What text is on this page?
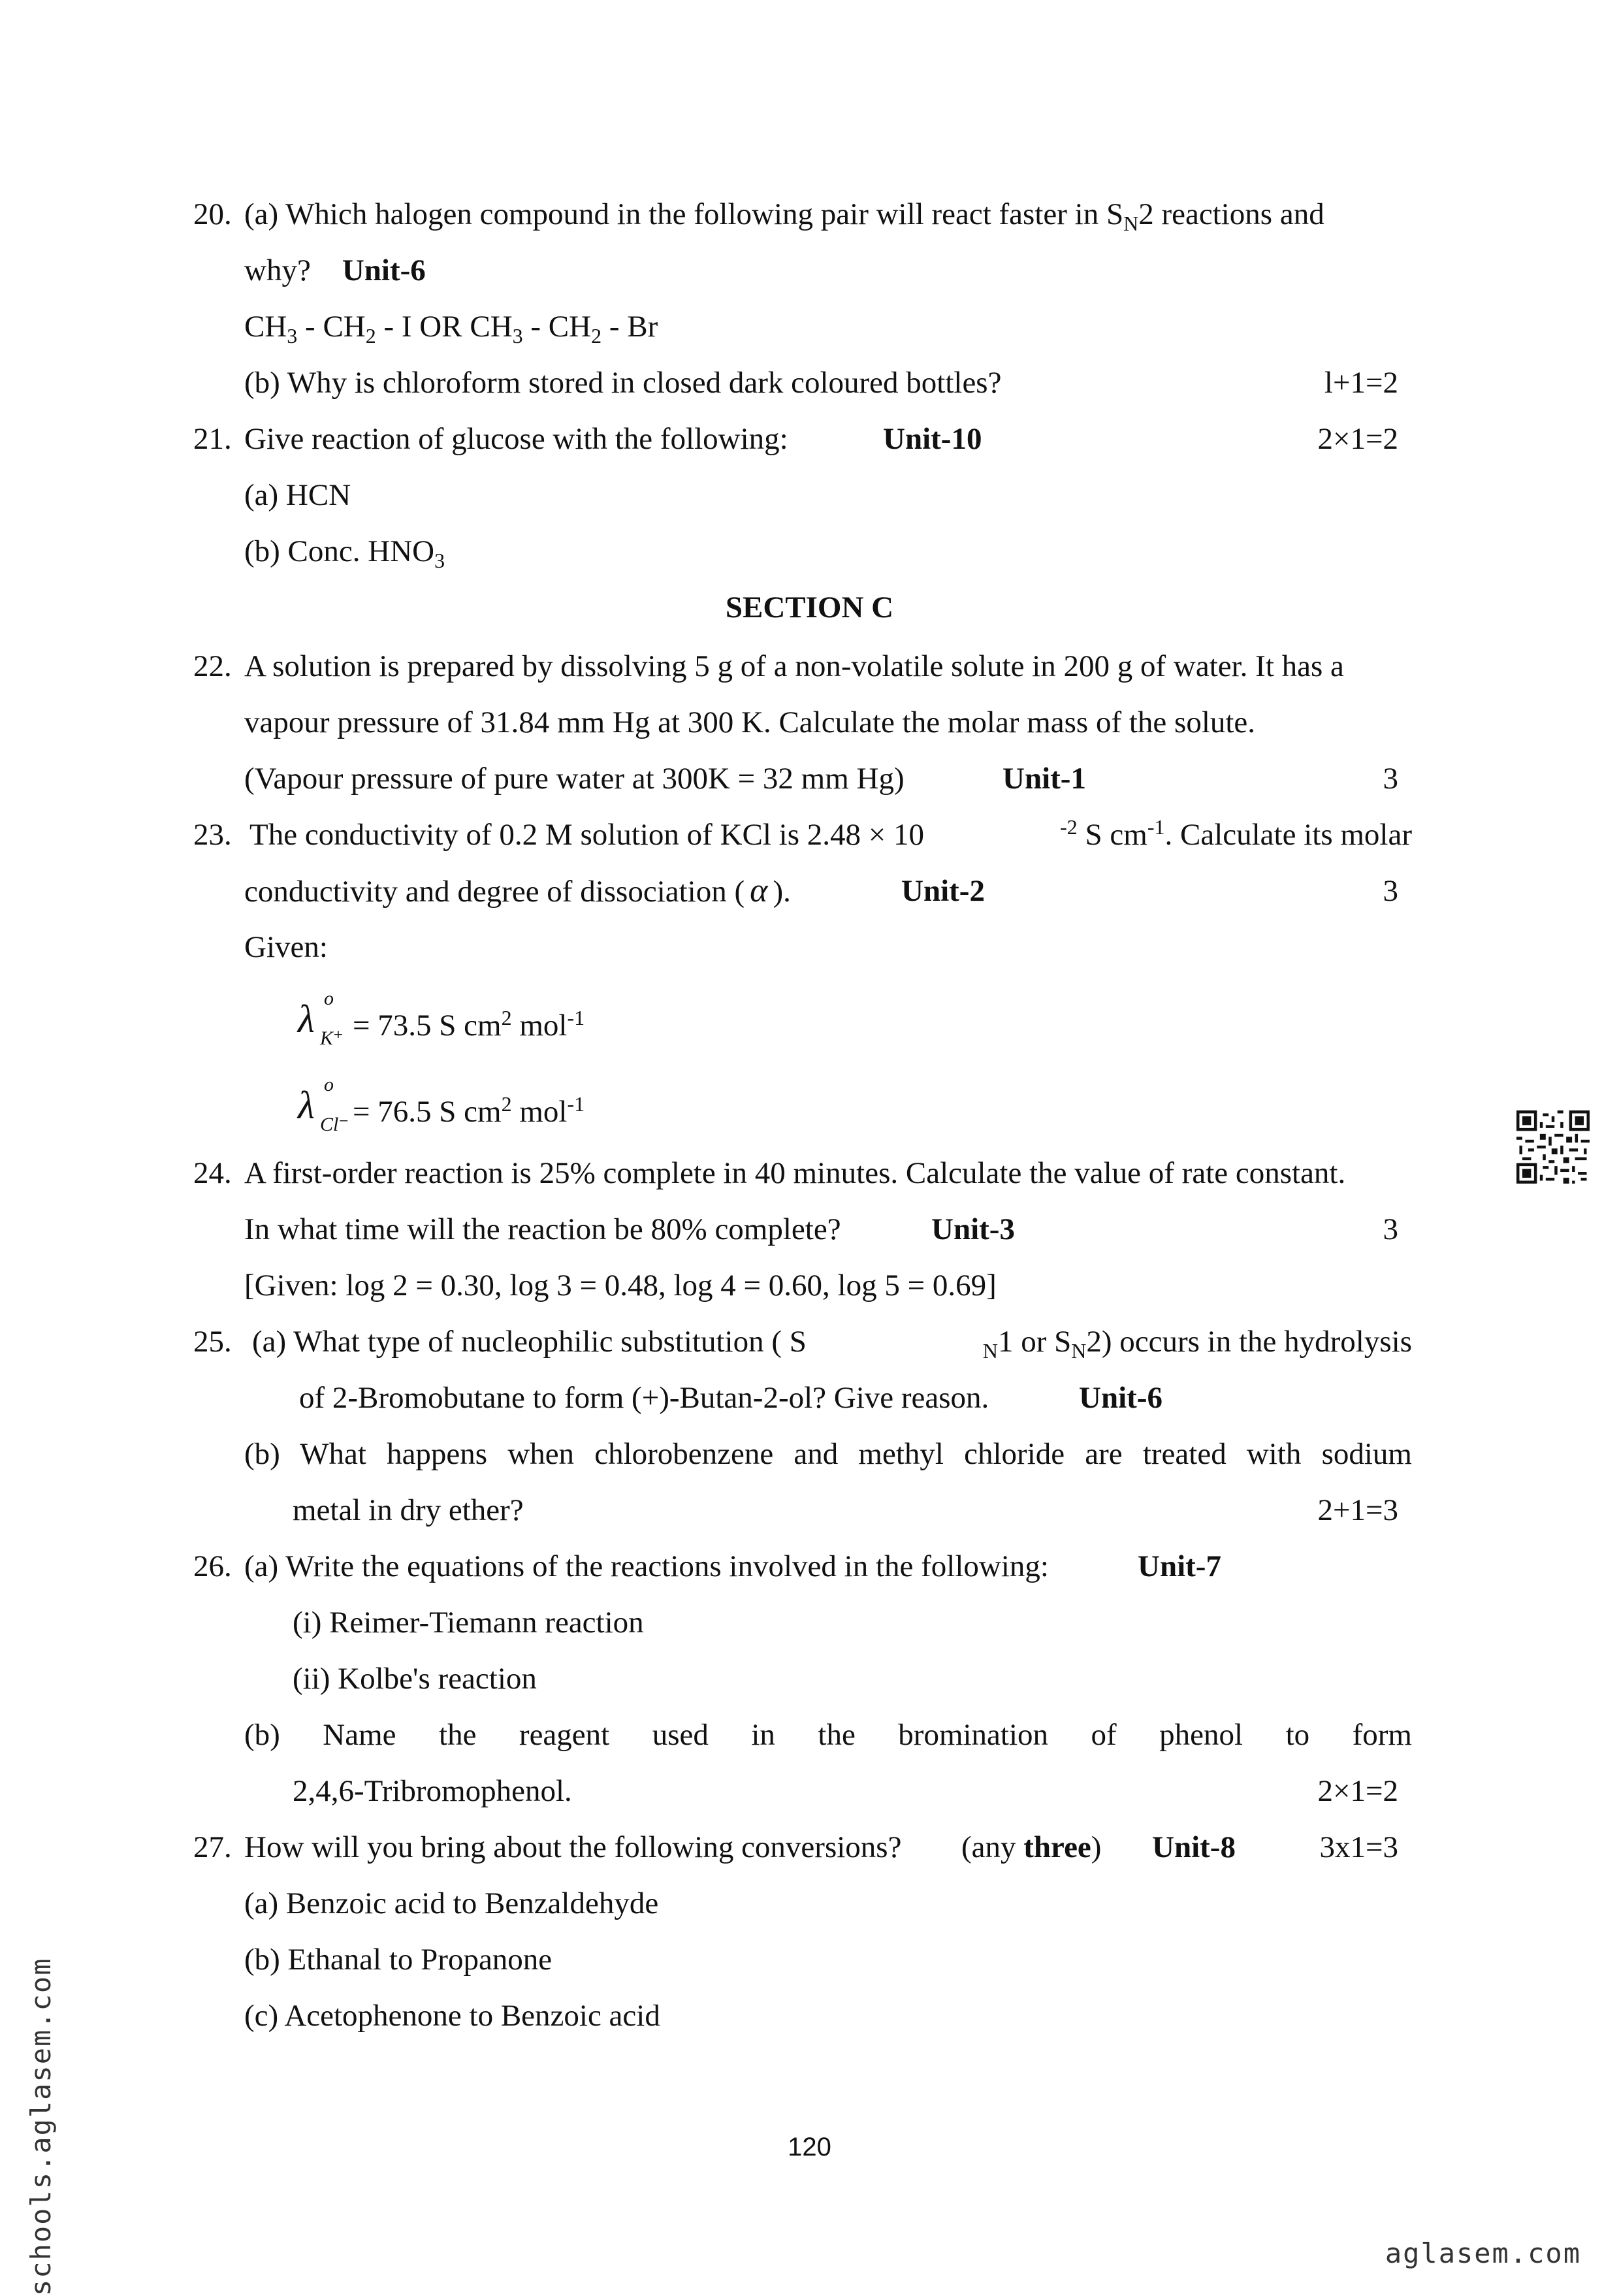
20. (a) Which halogen compound in the following pair will react faster in $S_N2$ reactions and
why? Unit-6
$CH_3 - CH_2$ - I OR $CH_3 - CH_2$ - Br
(b) Why is chloroform stored in closed dark coloured bottles?	l+1=2
21. Give reaction of glucose with the following:	Unit-10	2×1=2
(a) HCN
(b) Conc. $HNO_3$
SECTION C
22. A solution is prepared by dissolving 5 g of a non-volatile solute in 200 g of water. It has a
vapour pressure of 31.84 mm Hg at 300 K. Calculate the molar mass of the solute.
(Vapour pressure of pure water at 300K = 32 mm Hg)	Unit-1	3
23. The conductivity of 0.2 M solution of KCl is 2.48 × 10	$^{-2}$ S $cm^{-1}$. Calculate its molar
conductivity and degree of dissociation ( α ).	Unit-2	3
Given:
λ o
K⁺ = 73.5 S $cm^2$ mol$^{-1}$
λ o
Cl⁻ = 76.5 S $cm^2$ mol$^{-1}$
24. A first-order reaction is 25% complete in 40 minutes. Calculate the value of rate constant.
In what time will the reaction be 80% complete?	Unit-3	3
[Given: log 2 = 0.30, log 3 = 0.48, log 4 = 0.60, log 5 = 0.69]
25. (a) What type of nucleophilic substitution ( S	$_N$1 or $S_N2$) occurs in the hydrolysis
of 2-Bromobutane to form (+)-Butan-2-ol? Give reason.	Unit-6
(b) What happens when chlorobenzene and methyl chloride are treated with sodium
metal in dry ether?	2+1=3
26. (a) Write the equations of the reactions involved in the following:	Unit-7
(i) Reimer-Tiemann reaction
(ii) Kolbe's reaction
(b) Name the reagent used in the bromination of phenol to form
2,4,6-Tribromophenol.	2×1=2
27. How will you bring about the following conversions? (any three) Unit-8	3x1=3
(a) Benzoic acid to Benzaldehyde
(b) Ethanal to Propanone
(c) Acetophenone to Benzoic acid
120
schools.aglasem.com	aglasem.com
